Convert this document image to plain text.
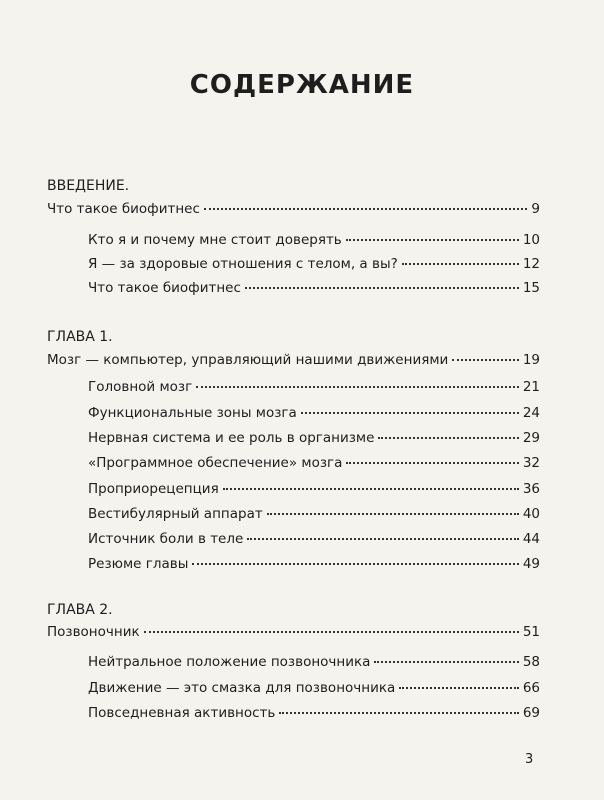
СОДЕРЖАНИЕ
ВВЕДЕНИЕ.
Что такое биофитнес	9
Кто я и почему мне стоит доверять	10
Я — за здоровые отношения с телом, а вы?	12
Что такое биофитнес	15
ГЛАВА 1.
Мозг — компьютер, управляющий нашими движениями	19
Головной мозг	21
Функциональные зоны мозга	24
Нервная система и ее роль в организме	29
«Программное обеспечение» мозга	32
Проприорецепция	36
Вестибулярный аппарат	40
Источник боли в теле	44
Резюме главы	49
ГЛАВА 2.
Позвоночник	51
Нейтральное положение позвоночника	58
Движение — это смазка для позвоночника	66
Повседневная активность	69
3
